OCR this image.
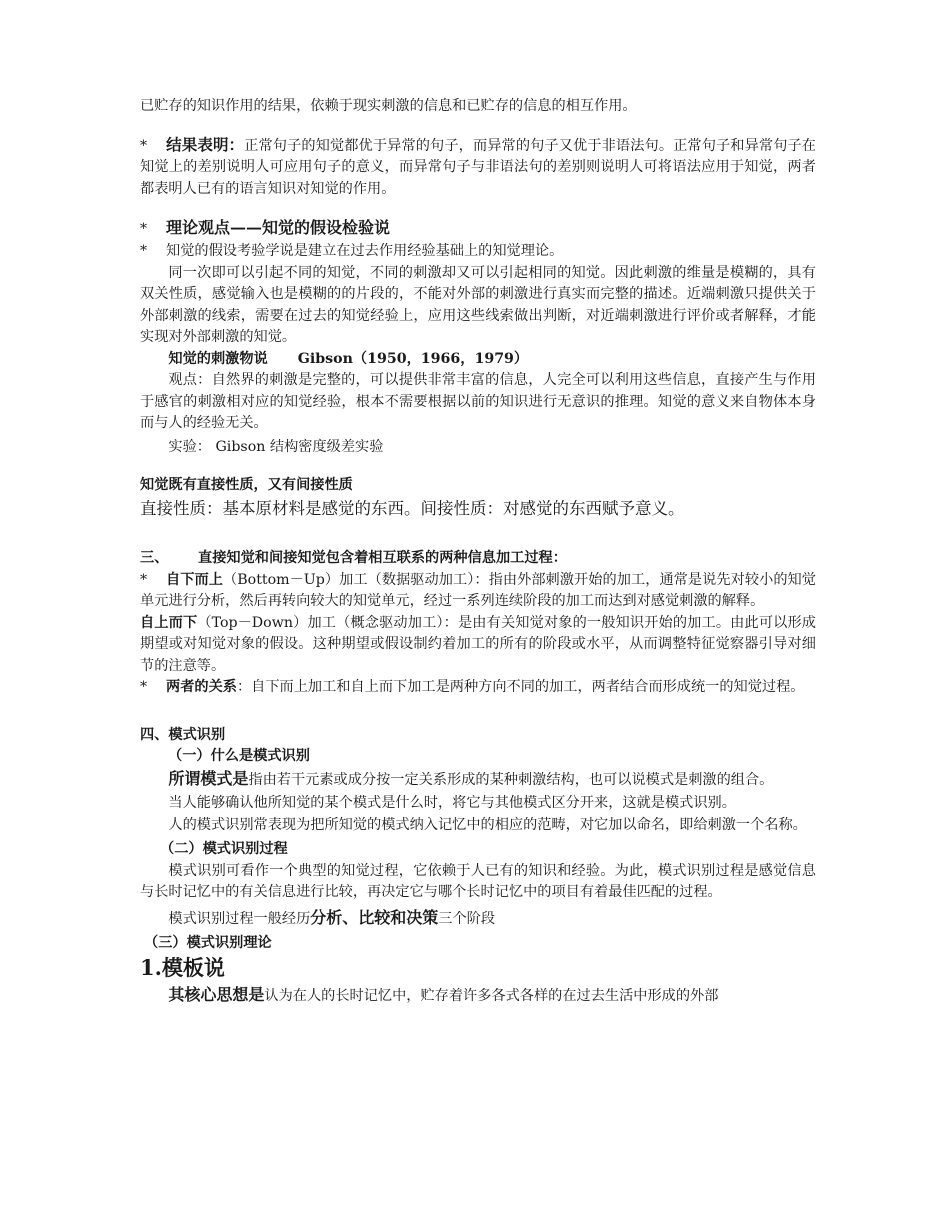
已贮存的知识作用的结果，依赖于现实刺激的信息和已贮存的信息的相互作用。

* 结果表明：正常句子的知觉都优于异常的句子，而异常的句子又优于非语法句。正常句子和异常句子在知觉上的差别说明人可应用句子的意义，而异常句子与非语法句的差别则说明人可将语法应用于知觉，两者都表明人已有的语言知识对知觉的作用。

* 理论观点——知觉的假设检验说

* 知觉的假设考验学说是建立在过去作用经验基础上的知觉理论。

同一次即可以引起不同的知觉，不同的刺激却又可以引起相同的知觉。因此刺激的维量是模糊的，具有双关性质，感觉输入也是模糊的的片段的，不能对外部的刺激进行真实而完整的描述。近端刺激只提供关于外部刺激的线索，需要在过去的知觉经验上，应用这些线索做出判断，对近端刺激进行评价或者解释，才能实现对外部刺激的知觉。

知觉的刺激物说 Gibson（1950，1966，1979）

观点：自然界的刺激是完整的，可以提供非常丰富的信息，人完全可以利用这些信息，直接产生与作用于感官的刺激相对应的知觉经验，根本不需要根据以前的知识进行无意识的推理。知觉的意义来自物体本身而与人的经验无关。

实验： Gibson 结构密度级差实验

知觉既有直接性质，又有间接性质

直接性质：基本原材料是感觉的东西。间接性质：对感觉的东西赋予意义。

三、 直接知觉和间接知觉包含着相互联系的两种信息加工过程：

* 自下而上（Bottom－Up）加工（数据驱动加工）：指由外部刺激开始的加工，通常是说先对较小的知觉单元进行分析，然后再转向较大的知觉单元，经过一系列连续阶段的加工而达到对感觉刺激的解释。

自上而下（Top－Down）加工（概念驱动加工）：是由有关知觉对象的一般知识开始的加工。由此可以形成期望或对知觉对象的假设。这种期望或假设制约着加工的所有的阶段或水平，从而调整特征觉察器引导对细节的注意等。

* 两者的关系：自下而上加工和自上而下加工是两种方向不同的加工，两者结合而形成统一的知觉过程。

四、模式识别

（一）什么是模式识别

所谓模式是指由若干元素或成分按一定关系形成的某种刺激结构，也可以说模式是刺激的组合。

当人能够确认他所知觉的某个模式是什么时，将它与其他模式区分开来，这就是模式识别。

人的模式识别常表现为把所知觉的模式纳入记忆中的相应的范畴，对它加以命名，即给刺激一个名称。

（二）模式识别过程

模式识别可看作一个典型的知觉过程，它依赖于人已有的知识和经验。为此，模式识别过程是感觉信息与长时记忆中的有关信息进行比较，再决定它与哪个长时记忆中的项目有着最佳匹配的过程。

模式识别过程一般经历分析、比较和决策三个阶段

（三）模式识别理论

1.模板说

其核心思想是认为在人的长时记忆中，贮存着许多各式各样的在过去生活中形成的外部
